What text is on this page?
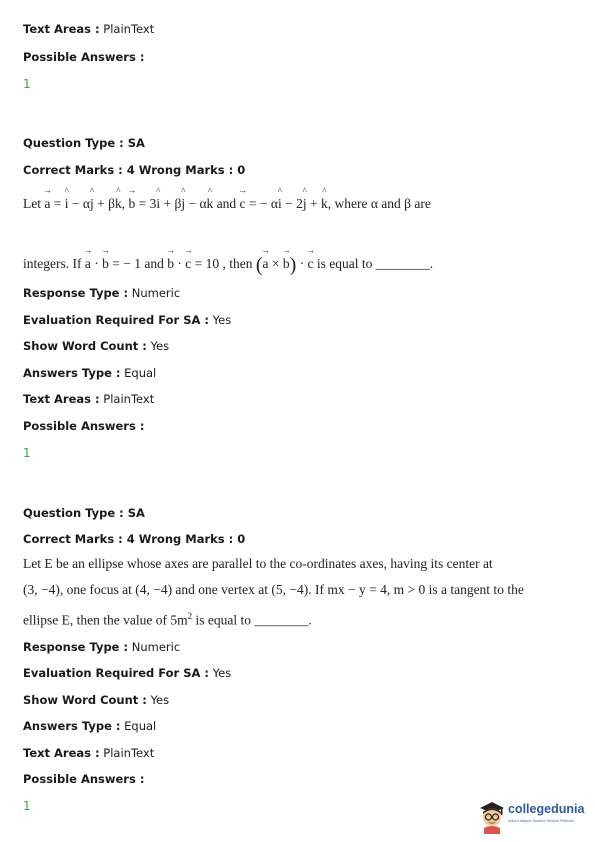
Text Areas : PlainText
Possible Answers :
1
Question Type : SA
Correct Marks : 4 Wrong Marks : 0
Let → a = ^ i − α^ j + β^ k, → b = 3^ i + β^ j − α^ k and → c = − α^ i − 2^ j + ^ k, where α and β are
integers. If → a · → b = − 1 and → b · → c = 10 , then (→ a × → b) · → c is equal to ________.
Response Type : Numeric
Evaluation Required For SA : Yes
Show Word Count : Yes
Answers Type : Equal
Text Areas : PlainText
Possible Answers :
1
Question Type : SA
Correct Marks : 4 Wrong Marks : 0
Let E be an ellipse whose axes are parallel to the co-ordinates axes, having its center at
(3, −4), one focus at (4, −4) and one vertex at (5, −4). If mx − y = 4, m > 0 is a tangent to the
ellipse E, then the value of $5m^2$ is equal to ________.
Response Type : Numeric
Evaluation Required For SA : Yes
Show Word Count : Yes
Answers Type : Equal
Text Areas : PlainText
Possible Answers :
1	collegedunia
India's largest Student Review Platform
